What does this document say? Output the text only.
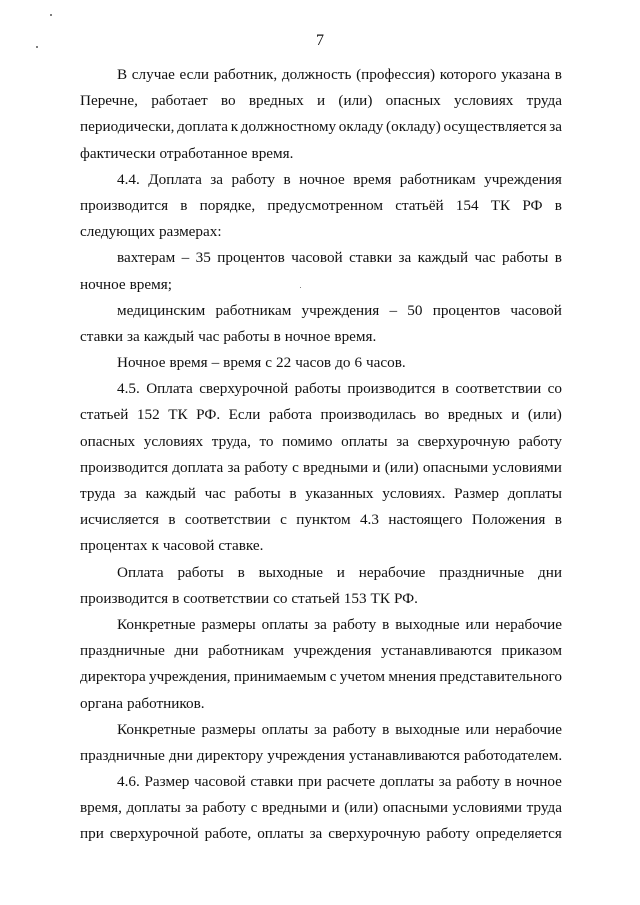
7
В случае если работник, должность (профессия) которого указана в
Перечне, работает во вредных и (или) опасных условиях труда
периодически, доплата к должностному окладу (окладу) осуществляется за
фактически отработанное время.
4.4. Доплата за работу в ночное время работникам учреждения
производится в порядке, предусмотренном статьёй 154 ТК РФ в
следующих размерах:
вахтерам – 35 процентов часовой ставки за каждый час работы в
ночное время;
медицинским работникам учреждения – 50 процентов часовой
ставки за каждый час работы в ночное время.
Ночное время – время с 22 часов до 6 часов.
4.5. Оплата сверхурочной работы производится в соответствии со
статьей 152 ТК РФ. Если работа производилась во вредных и (или)
опасных условиях труда, то помимо оплаты за сверхурочную работу
производится доплата за работу с вредными и (или) опасными условиями
труда за каждый час работы в указанных условиях. Размер доплаты
исчисляется в соответствии с пунктом 4.3 настоящего Положения в
процентах к часовой ставке.
Оплата работы в выходные и нерабочие праздничные дни
производится в соответствии со статьей 153 ТК РФ.
Конкретные размеры оплаты за работу в выходные или нерабочие
праздничные дни работникам учреждения устанавливаются приказом
директора учреждения, принимаемым с учетом мнения представительного
органа работников.
Конкретные размеры оплаты за работу в выходные или нерабочие
праздничные дни директору учреждения устанавливаются работодателем.
4.6. Размер часовой ставки при расчете доплаты за работу в ночное
время, доплаты за работу с вредными и (или) опасными условиями труда
при сверхурочной работе, оплаты за сверхурочную работу определяется
